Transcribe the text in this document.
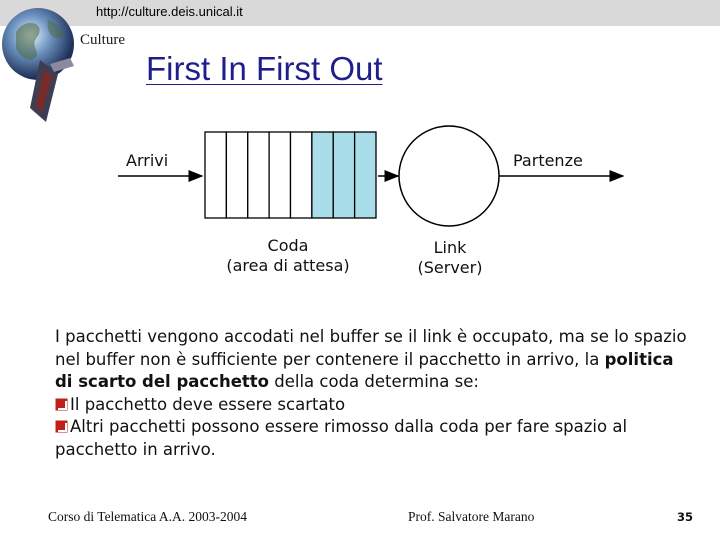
http://culture.deis.unical.it
Culture
First In First Out
Arrivi	Partenze
Coda
(area di attesa)
Link
(Server)
I pacchetti vengono accodati nel buffer se il link è occupato, ma se lo spazio nel buffer non è sufficiente per contenere il pacchetto in arrivo, la politica di scarto del pacchetto della coda determina se:
Il pacchetto deve essere scartato
Altri pacchetti possono essere rimosso dalla coda per fare spazio al pacchetto in arrivo.
Corso di Telematica A.A. 2003-2004	Prof. Salvatore Marano	35
